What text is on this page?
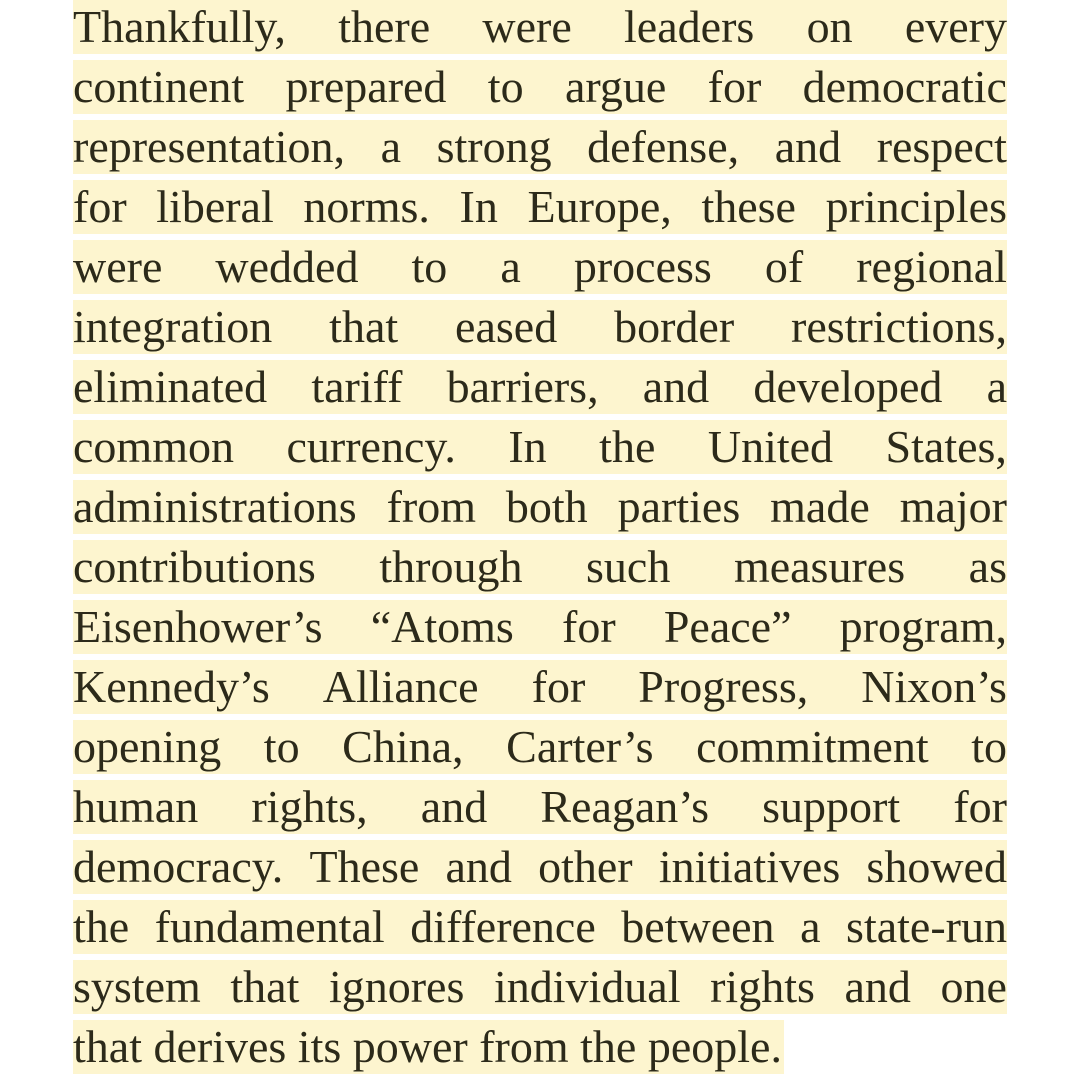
Thankfully, there were leaders on every
continent prepared to argue for democratic
representation, a strong defense, and respect
for liberal norms. In Europe, these principles
were wedded to a process of regional
integration that eased border restrictions,
eliminated tariff barriers, and developed a
common currency. In the United States,
administrations from both parties made major
contributions through such measures as
Eisenhower’s “Atoms for Peace” program,
Kennedy’s Alliance for Progress, Nixon’s
opening to China, Carter’s commitment to
human rights, and Reagan’s support for
democracy. These and other initiatives showed
the fundamental difference between a state-run
system that ignores individual rights and one
that derives its power from the people.
